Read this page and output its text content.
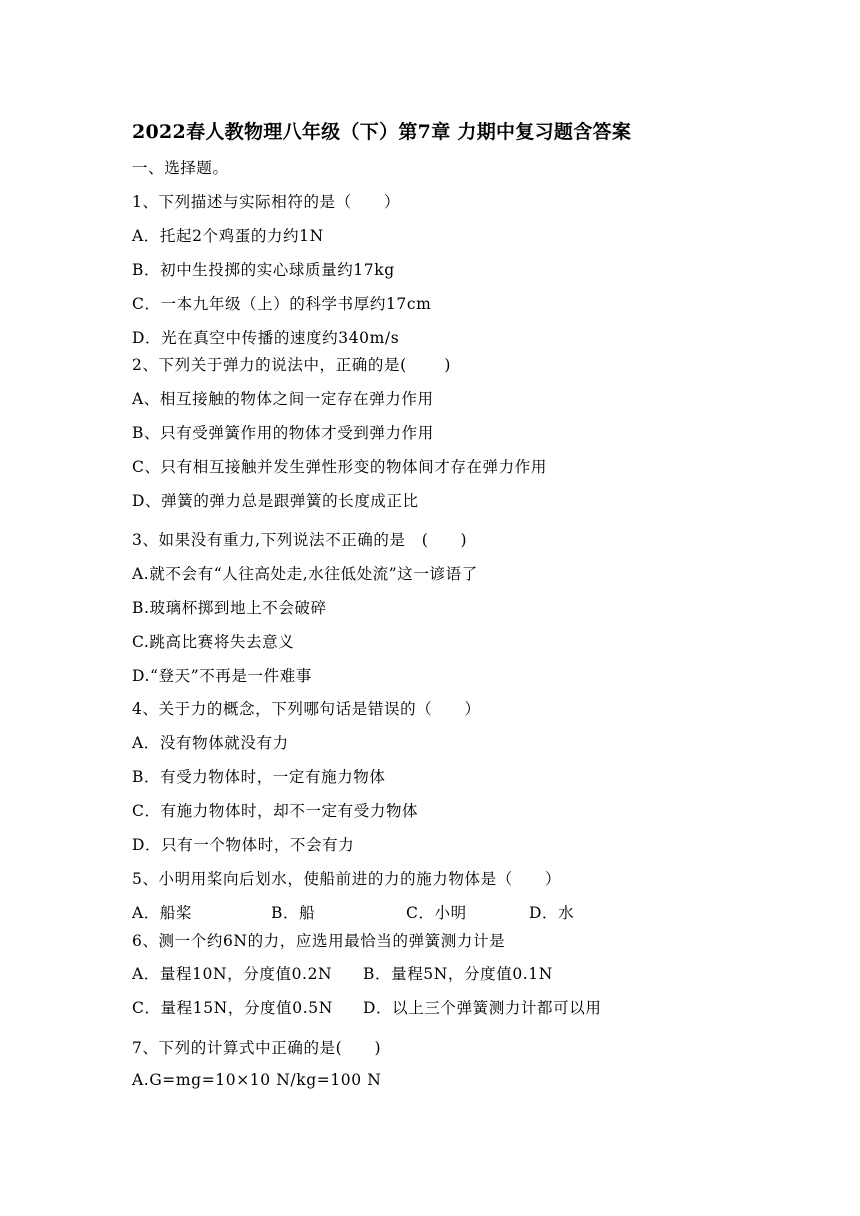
2022春人教物理八年级（下）第7章 力期中复习题含答案
一、选择题。
1、下列描述与实际相符的是（　　）
A．托起2个鸡蛋的力约1N
B．初中生投掷的实心球质量约17kg
C．一本九年级（上）的科学书厚约17cm
D．光在真空中传播的速度约340m/s
2、下列关于弹力的说法中，正确的是(　　 )
A、相互接触的物体之间一定存在弹力作用
B、只有受弹簧作用的物体才受到弹力作用
C、只有相互接触并发生弹性形变的物体间才存在弹力作用
D、弹簧的弹力总是跟弹簧的长度成正比
3、如果没有重力,下列说法不正确的是　(　　)
A.就不会有“人往高处走,水往低处流”这一谚语了
B.玻璃杯掷到地上不会破碎
C.跳高比赛将失去意义
D.“登天”不再是一件难事
4、关于力的概念，下列哪句话是错误的（　　）
A．没有物体就没有力
B．有受力物体时，一定有施力物体
C．有施力物体时，却不一定有受力物体
D．只有一个物体时，不会有力
5、小明用桨向后划水，使船前进的力的施力物体是（　　）
A．船桨	B．船	C．小明	D．水
6、测一个约6N的力，应选用最恰当的弹簧测力计是
A．量程10N，分度值0.2N B．量程5N，分度值0.1N
C．量程15N，分度值0.5N D．以上三个弹簧测力计都可以用
7、下列的计算式中正确的是(　　)
A.G=mg=10×10 N/kg=100 N
